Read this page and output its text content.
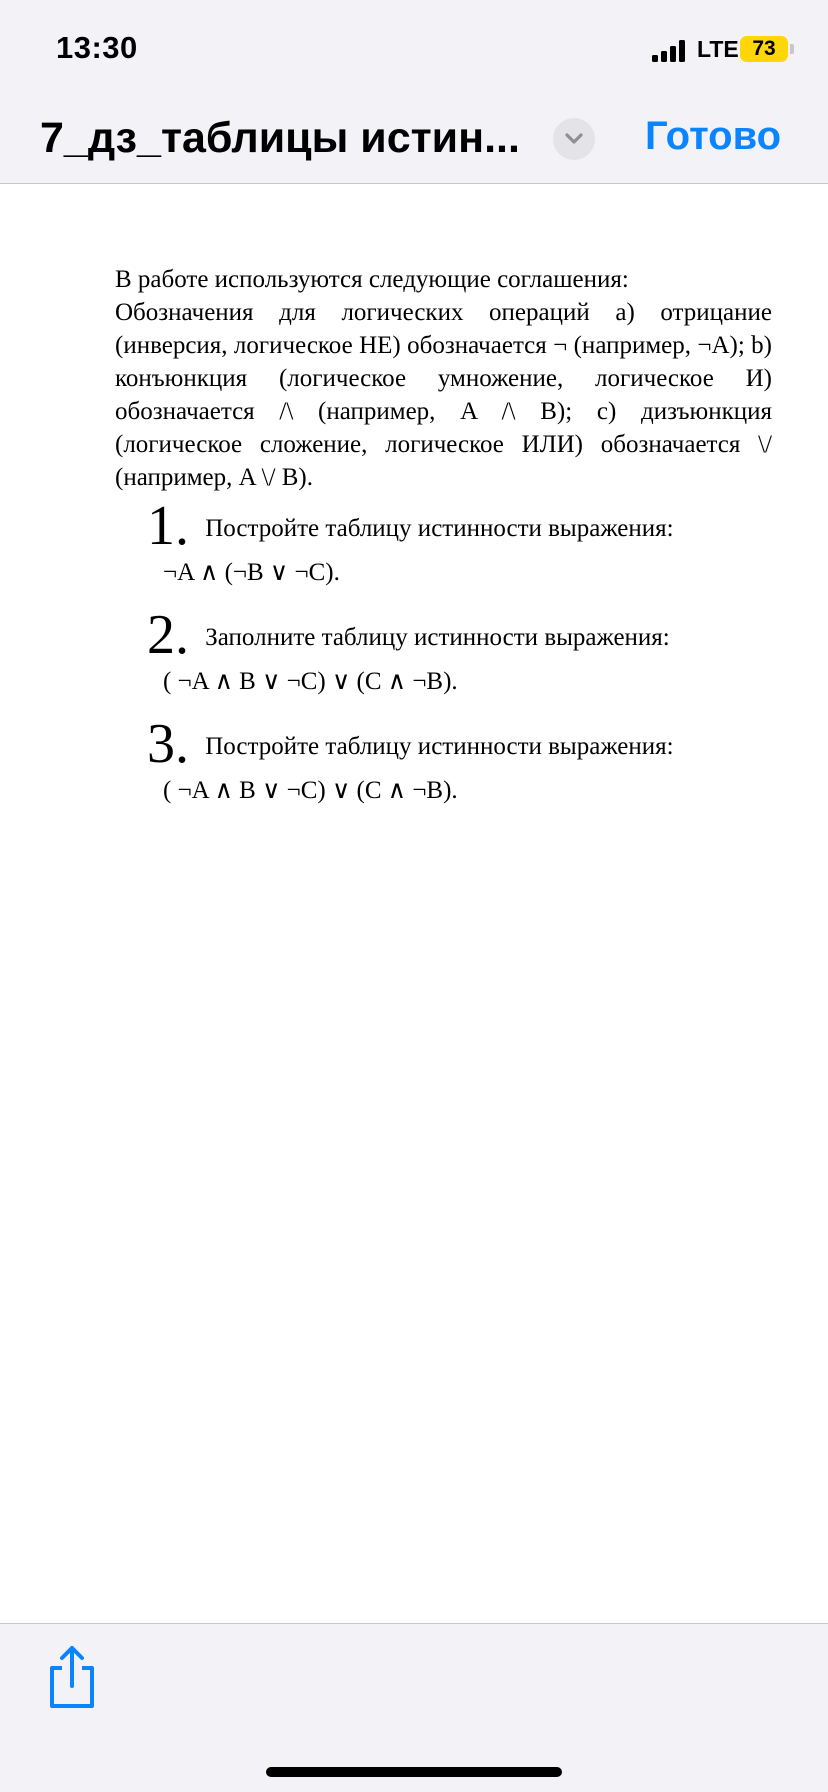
13:30	LTE 73
7_дз_таблицы истин...	Готово
В работе используются следующие соглашения:
Обозначения для логических операций a) отрицание (инверсия, логическое НЕ) обозначается ¬ (например, ¬A); b) конъюнкция (логическое умножение, логическое И) обозначается /\ (например, A /\ B); c) дизъюнкция (логическое сложение, логическое ИЛИ) обозначается \/ (например, A \/ B).
1. Постройте таблицу истинности выражения:
¬A ∧ (¬B ∨ ¬C).
2. Заполните таблицу истинности выражения:
( ¬A ∧ B ∨ ¬C) ∨ (C ∧ ¬B).
3. Постройте таблицу истинности выражения:
( ¬A ∧ B ∨ ¬C) ∨ (C ∧ ¬B).
